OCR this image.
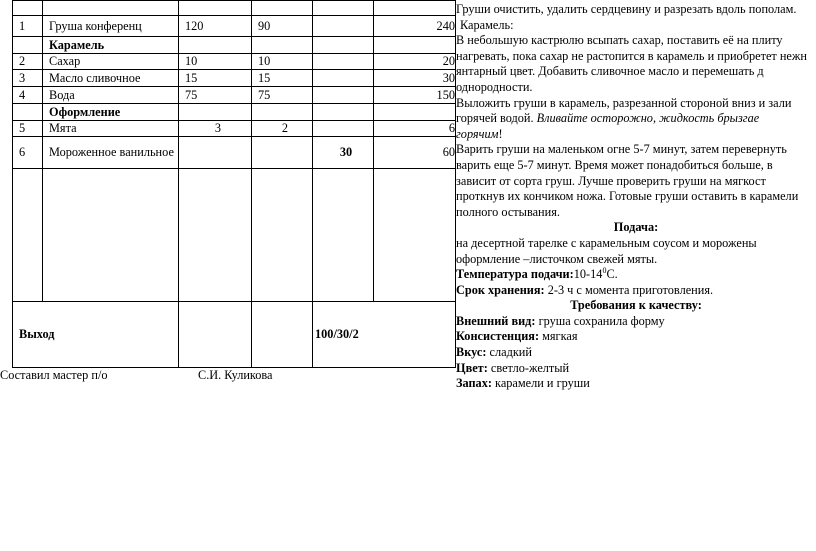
1	Груша конференц	120	90		240
	Карамель				
2	Сахар	10	10		20
3	Масло сливочное	15	15		30
4	Вода	75	75		150
	Оформление				
5	Мята	3	2		6
6	Мороженное ванильное			30	60

Выход				100/30/2	
Груши очистить, удалить сердцевину и разрезать вдоль пополам.
Карамель:
В небольшую кастрюлю всыпать сахар, поставить её на плиту
нагревать, пока сахар не растопится в карамель и приобретет нежн
янтарный цвет. Добавить сливочное масло и перемешать д
однородности.
Выложить груши в карамель, разрезанной стороной вниз и зали
горячей водой. Вливайте осторожно, жидкость брызгае
горячим!
Варить груши на маленьком огне 5-7 минут, затем перевернуть
варить еще 5-7 минут. Время может понадобиться больше, в
зависит от сорта груш. Лучше проверить груши на мягкост
проткнув их кончиком ножа. Готовые груши оставить в карамели
полного остывания.
Подача:
на десертной тарелке с карамельным соусом и морожены
оформление –листочком свежей мяты.
Температура $подачи:10-14^0С$.
Срок хранения: 2-3 ч с момента приготовления.
Требования к качеству:
Внешний вид: груша сохранила форму
Консистенция: мягкая
Вкус: сладкий
Цвет: светло-желтый
Запах: карамели и груши
Составил мастер п/о	С.И. Куликова
